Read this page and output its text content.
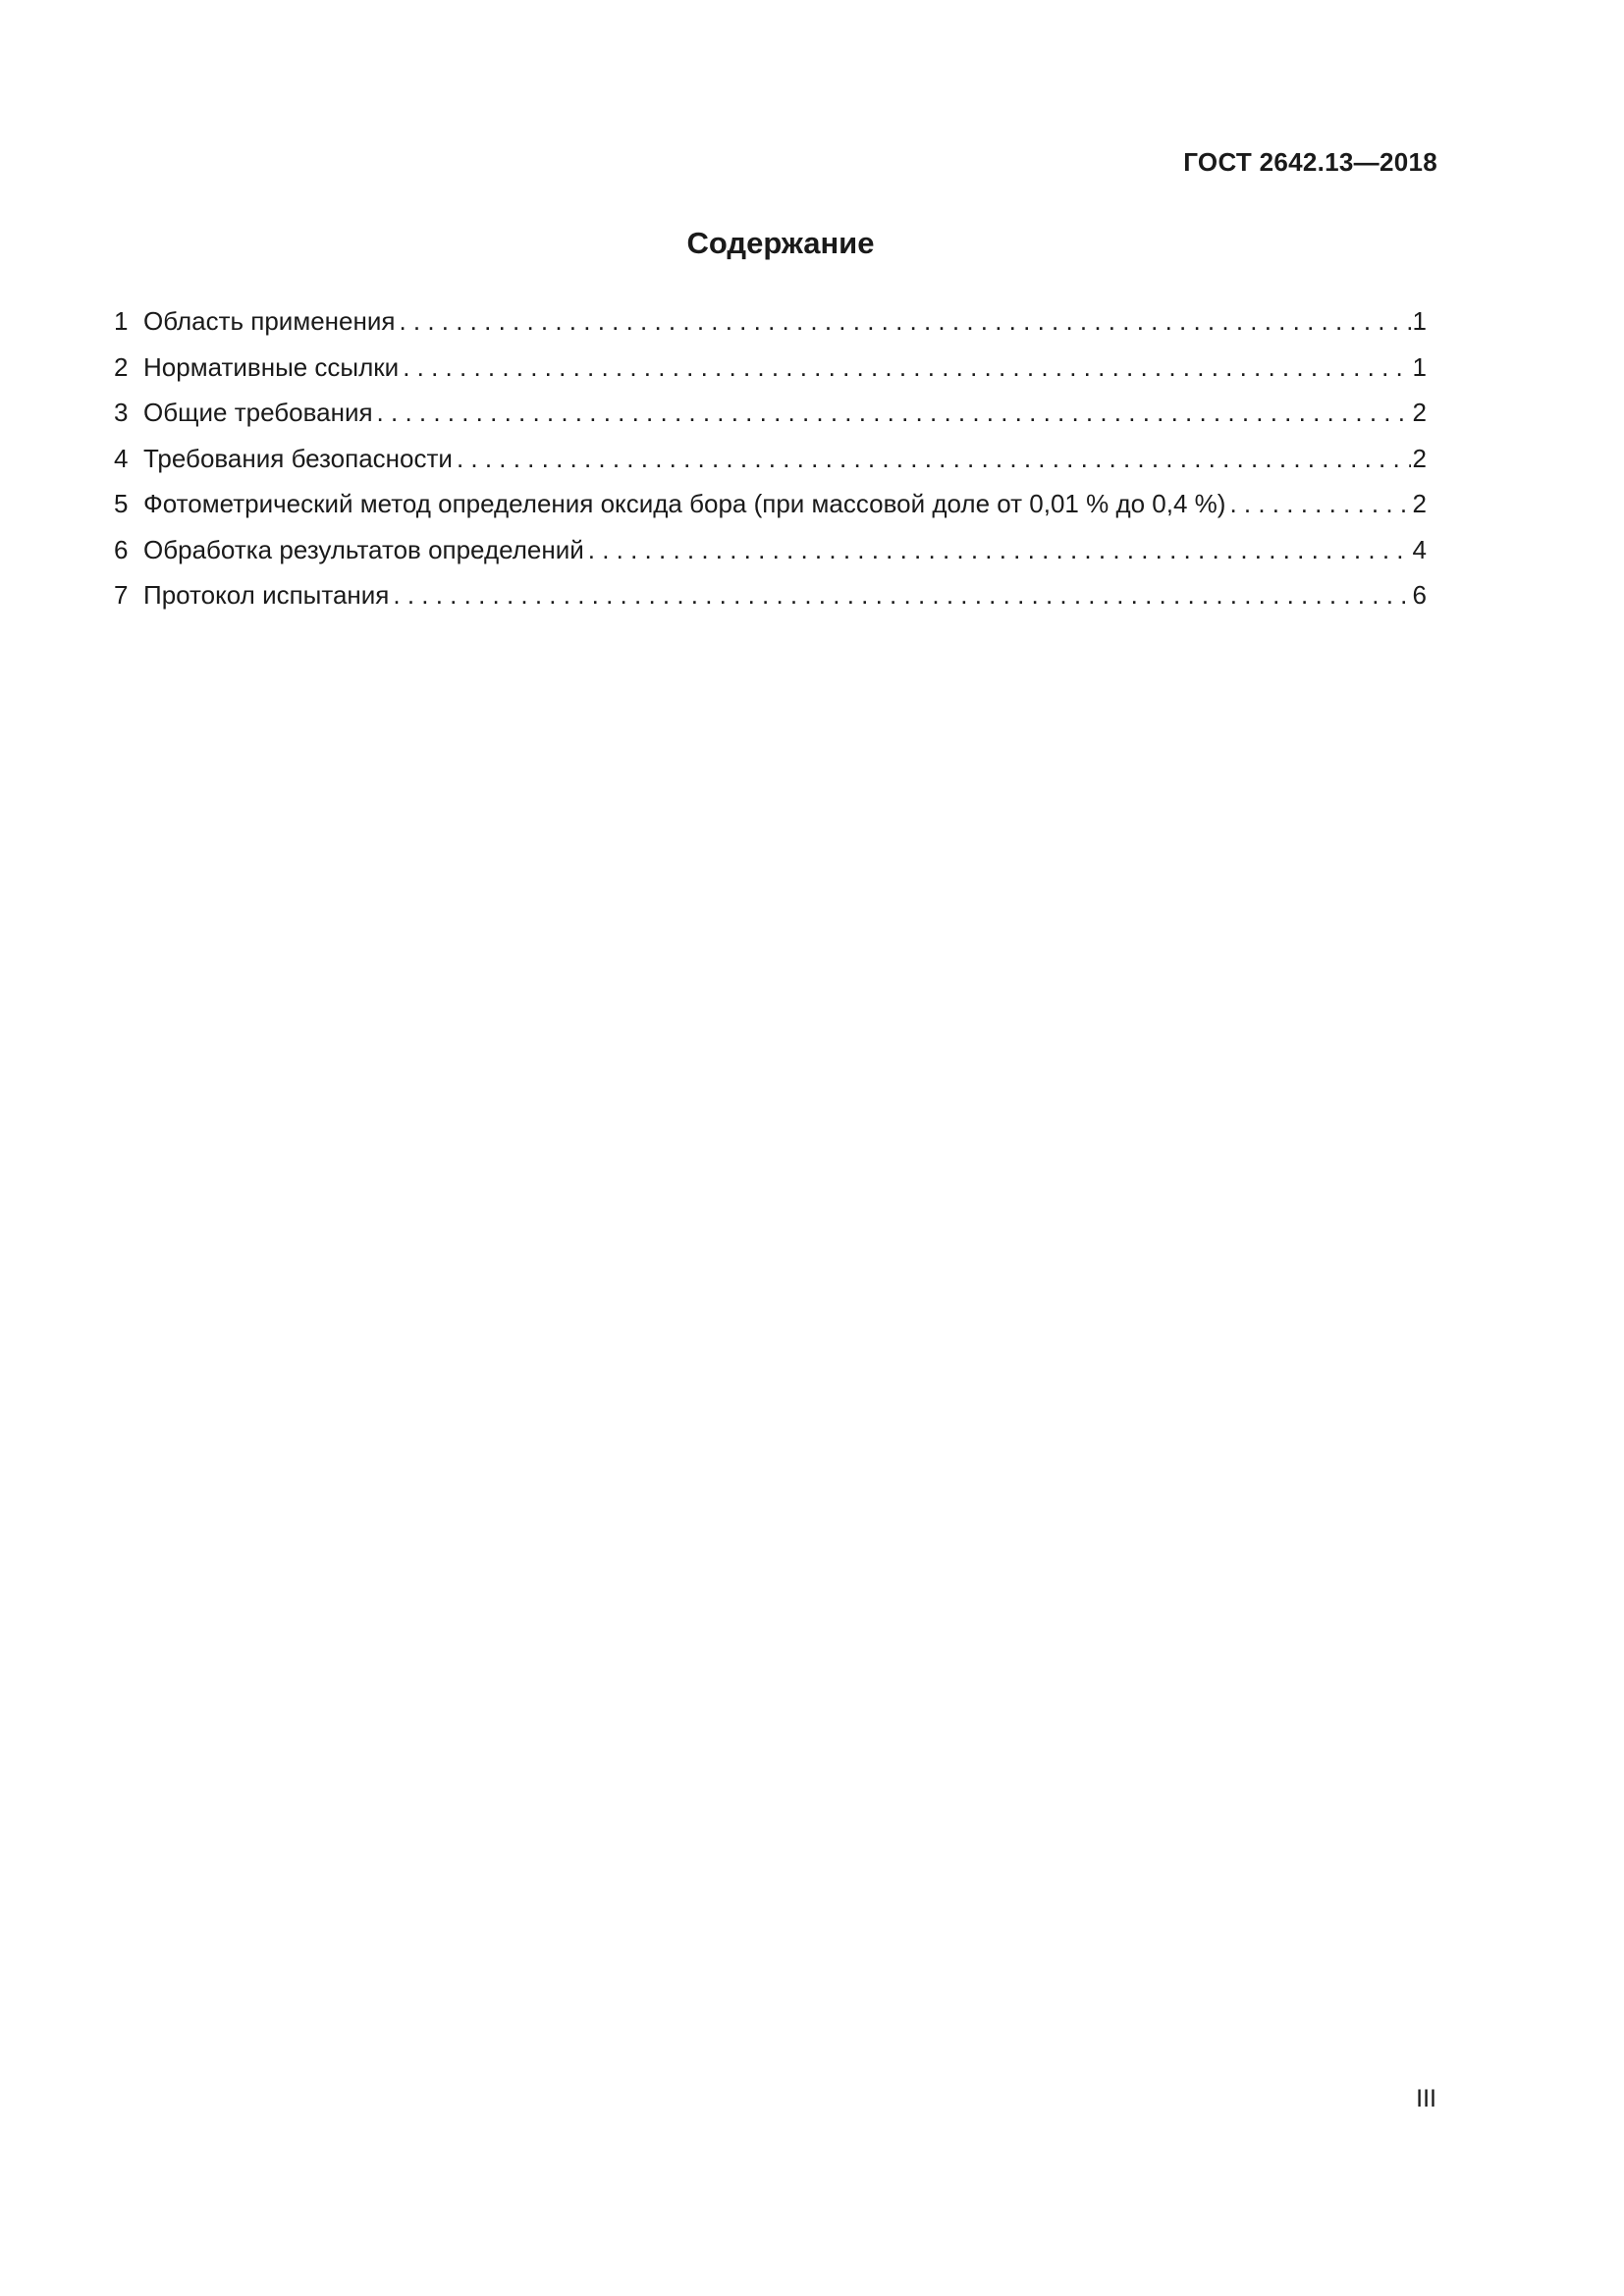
ГОСТ 2642.13—2018
Содержание
1 Область применения . . .	1
2 Нормативные ссылки . . .	1
3 Общие требования . . .	2
4 Требования безопасности . . .	2
5 Фотометрический метод определения оксида бора (при массовой доле от 0,01 % до 0,4 %) . . .	2
6 Обработка результатов определений . . .	4
7 Протокол испытания . . .	6
III
